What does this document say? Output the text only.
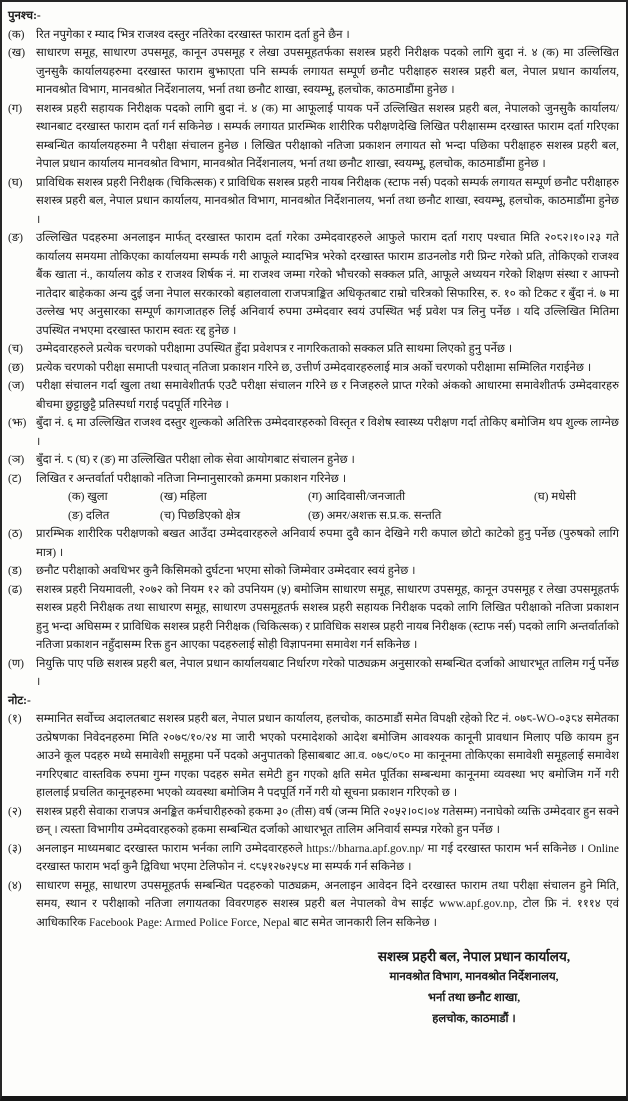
पुनश्च:-
(क)	रित नपुगेका र म्याद भित्र राजश्व दस्तुर नतिरेका दरखास्त फाराम दर्ता हुने छैन ।
(ख) साधारण समूह, साधारण उपसमूह, कानून उपसमूह र लेखा उपसमूहतर्फका सशस्त्र प्रहरी निरीक्षक पदको लागि बुदा नं. ४ (क) मा उल्लिखित जुनसुकै कार्यालयहरुमा दरखास्त फाराम बुझाएता पनि सम्पर्क लगायत सम्पूर्ण छनौट परीक्षाहरु सशस्त्र प्रहरी बल, नेपाल प्रधान कार्यालय, मानवश्रोत विभाग, मानवश्रोत निर्देशनालय, भर्ना तथा छनौट शाखा, स्वयम्भू, हलचोक, काठमाडौंमा हुनेछ ।
(ग)	सशस्त्र प्रहरी सहायक निरीक्षक पदको लागि बुदा नं. ४ (क) मा आफूलाई पायक पर्ने उल्लिखित सशस्त्र प्रहरी बल, नेपालको जुनसुकै कार्यालय/स्थानबाट दरखास्त फाराम दर्ता गर्न सकिनेछ । सम्पर्क लगायत प्रारम्भिक शारीरिक परीक्षणदेखि लिखित परीक्षासम्म दरखास्त फाराम दर्ता गरिएका सम्बन्धित कार्यालयहरुमा नै परीक्षा संचालन हुनेछ । लिखित परीक्षाको नतिजा प्रकाशन लगायत सो भन्दा पछिका परीक्षाहरु सशस्त्र प्रहरी बल, नेपाल प्रधान कार्यालय मानवश्रोत विभाग, मानवश्रोत निर्देशनालय, भर्ना तथा छनौट शाखा, स्वयम्भू, हलचोक, काठमाडौंमा हुनेछ ।
(घ)	प्राविधिक सशस्त्र प्रहरी निरीक्षक (चिकित्सक) र प्राविधिक सशस्त्र प्रहरी नायब निरीक्षक (स्टाफ नर्स) पदको सम्पर्क लगायत सम्पूर्ण छनौट परीक्षाहरु सशस्त्र प्रहरी बल, नेपाल प्रधान कार्यालय, मानवश्रोत विभाग, मानवश्रोत निर्देशनालय, भर्ना तथा छनौट शाखा, स्वयम्भू, हलचोक, काठमाडौंमा हुनेछ ।
(ङ)	उल्लिखित पदहरुमा अनलाइन मार्फत् दरखास्त फाराम दर्ता गरेका उम्मेदवारहरुले आफुले फाराम दर्ता गराए पश्चात मिति २०८२।१०।२३ गते कार्यालय समयमा तोकिएका कार्यालयमा सम्पर्क गरी आफूले म्यादभित्र भरेको दरखास्त फाराम डाउनलोड गरी प्रिन्ट गरेको प्रति, तोकिएको राजश्व बैंक खाता नं., कार्यालय कोड र राजश्व शिर्षक नं. मा राजश्व जम्मा गरेको भौचरको सक्कल प्रति, आफूले अध्ययन गरेको शिक्षण संस्था र आफ्नो नातेदार बाहेकका अन्य दुई जना नेपाल सरकारको बहालवाला राजपत्राङ्कित अधिकृतबाट राम्रो चरित्रको सिफारिस, रु. १० को टिकट र बुँदा नं. ७ मा उल्लेख भए अनुसारका सम्पूर्ण कागजातहरु लिई अनिवार्य रुपमा उम्मेदवार स्वयं उपस्थित भई प्रवेश पत्र लिनु पर्नेछ । यदि उल्लिखित मितिमा उपस्थित नभएमा दरखास्त फाराम स्वतः रद्द हुनेछ ।
(च)	उम्मेदवारहरुले प्रत्येक चरणको परीक्षामा उपस्थित हुँदा प्रवेशपत्र र नागरिकताको सक्कल प्रति साथमा लिएको हुनु पर्नेछ ।
(छ)	प्रत्येक चरणको परीक्षा समाप्ती पश्चात् नतिजा प्रकाशन गरिने छ, उत्तीर्ण उम्मेदवारहरुलाई मात्र अर्को चरणको परीक्षामा सम्मिलित गराईनेछ ।
(ज)	परीक्षा संचालन गर्दा खुला तथा समावेशीतर्फ एउटै परीक्षा संचालन गरिने छ र निजहरुले प्राप्त गरेको अंकको आधारमा समावेशीतर्फ उम्मेदवारहरु बीचमा छुट्टाछुट्टै प्रतिस्पर्धा गराई पदपूर्ति गरिनेछ ।
(झ) बुँदा नं. ६ मा उल्लिखित राजश्व दस्तुर शुल्कको अतिरिक्त उम्मेदवारहरुको विस्तृत र विशेष स्वास्थ्य परीक्षण गर्दा तोकिए बमोजिम थप शुल्क लाग्नेछ ।
(ञ)	बुँदा नं. ८ (घ) र (ङ) मा उल्लिखित परीक्षा लोक सेवा आयोगबाट संचालन हुनेछ ।
(ट)	लिखित र अन्तर्वार्ता परीक्षाको नतिजा निम्नानुसारको क्रममा प्रकाशन गरिनेछ ।
(क) खुला	(ख) महिला	(ग) आदिवासी/जनजाती	(घ) मधेसी
(ङ) दलित	(च) पिछडिएको क्षेत्र	(छ) अमर/अशक्त स.प्र.क. सन्तति
(ठ)	प्रारम्भिक शारीरिक परीक्षणको बखत आउँदा उम्मेदवारहरुले अनिवार्य रुपमा दुवै कान देखिने गरी कपाल छोटो काटेको हुनु पर्नेछ (पुरुषको लागि मात्र) ।
(ड)	छनौट परीक्षाको अवधिभर कुनै किसिमको दुर्घटना भएमा सोको जिम्मेवार उम्मेदवार स्वयं हुनेछ ।
(ढ)	सशस्त्र प्रहरी नियमावली, २०७२ को नियम १२ को उपनियम (५) बमोजिम साधारण समूह, साधारण उपसमूह, कानून उपसमूह र लेखा उपसमूहतर्फ सशस्त्र प्रहरी निरीक्षक तथा साधारण समूह, साधारण उपसमूहतर्फ सशस्त्र प्रहरी सहायक निरीक्षक पदको लागि लिखित परीक्षाको नतिजा प्रकाशन हुनु भन्दा अघिसम्म र प्राविधिक सशस्त्र प्रहरी निरीक्षक (चिकित्सक) र प्राविधिक सशस्त्र प्रहरी नायब निरीक्षक (स्टाफ नर्स) पदको लागि अन्तर्वार्ताको नतिजा प्रकाशन नहुँदासम्म रिक्त हुन आएका पदहरुलाई सोही विज्ञापनमा समावेश गर्न सकिनेछ ।
(ण)	नियुक्ति पाए पछि सशस्त्र प्रहरी बल, नेपाल प्रधान कार्यालयबाट निर्धारण गरेको पाठ्यक्रम अनुसारको सम्बन्धित दर्जाको आधारभूत तालिम गर्नु पर्नेछ ।
नोट:-
(१)	सम्मानित सर्वोच्च अदालतबाट सशस्त्र प्रहरी बल, नेपाल प्रधान कार्यालय, हलचोक, काठमाडौं समेत विपक्षी रहेको रिट नं. ०७८-WO-०३८४ समेतका उत्प्रेषणका निवेदनहरुमा मिति २०७९/१०/२४ मा जारी भएको परमादेशको आदेश बमोजिम आवश्यक कानूनी प्रावधान मिलाए पछि कायम हुन आउने कूल पदहरु मध्ये समावेशी समूहमा पर्ने पदको अनुपातको हिसाबबाट आ.व. ०७९/०८० मा कानूनमा तोकिएका समावेशी समूहलाई समावेश नगरिएबाट वास्तविक रुपमा गुम्न गएका पदहरु समेत समेटी हुन गएको क्षति समेत पूर्तिका सम्बन्धमा कानूनमा व्यवस्था भए बमोजिम गर्ने गरी हाललाई प्रचलित कानूनहरुमा भएको व्यवस्था बमोजिम नै पदपूर्ति गर्ने गरी यो सूचना प्रकाशन गरिएको छ ।
(२)	सशस्त्र प्रहरी सेवाका राजपत्र अनङ्कित कर्मचारीहरुको हकमा ३० (तीस) वर्ष (जन्म मिति २०५२।०९।०४ गतेसम्म) ननाघेको व्यक्ति उम्मेदवार हुन सक्ने छन् । त्यस्ता विभागीय उम्मेदवारहरुको हकमा सम्बन्धित दर्जाको आधारभूत तालिम अनिवार्य सम्पन्न गरेको हुन पर्नेछ ।
(३)	अनलाइन माध्यमबाट दरखास्त फाराम भर्नका लागि उम्मेदवारहरुले https://bharna.apf.gov.np/ मा गई दरखास्त फाराम भर्न सकिनेछ । Online दरखास्त फाराम भर्दा कुनै द्विविधा भएमा टेलिफोन नं. ९८५१२७२५८४ मा सम्पर्क गर्न सकिनेछ ।
(४)	साधारण समूह, साधारण उपसमूहतर्फ सम्बन्धित पदहरुको पाठ्यक्रम, अनलाइन आवेदन दिने दरखास्त फाराम तथा परीक्षा संचालन हुने मिति, समय, स्थान र परीक्षाको नतिजा लगायतका विवरणहरु सशस्त्र प्रहरी बल नेपालको वेभ साईट www.apf.gov.np, टोल फ्रि नं. १११४ एवं आधिकारिक Facebook Page: Armed Police Force, Nepal बाट समेत जानकारी लिन सकिनेछ ।
सशस्त्र प्रहरी बल, नेपाल प्रधान कार्यालय,
मानवश्रोत विभाग, मानवश्रोत निर्देशनालय,
भर्ना तथा छनौट शाखा,
हलचोक, काठमाडौं ।
